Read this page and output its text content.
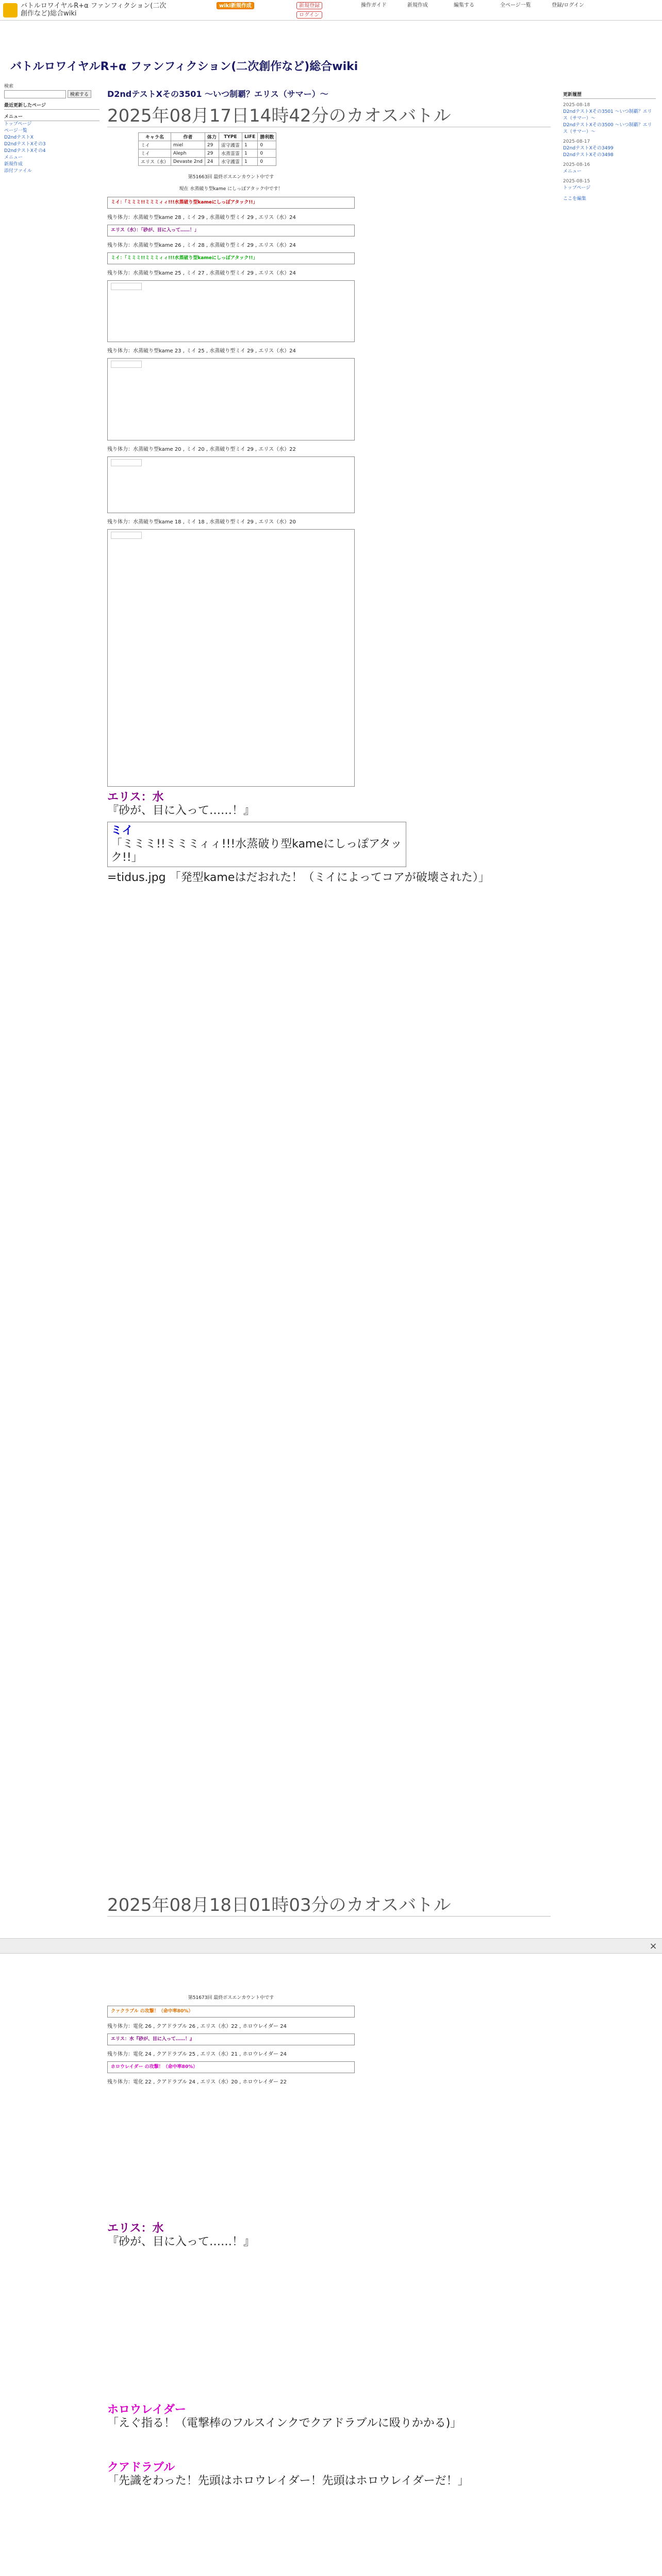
バトルロワイヤルR+α ファンフィクション(二次創作など)総合wiki
wiki新規作成	新規登録
ログイン
操作ガイド	新規作成	編集する	全ページ一覧	登録/ログイン
バトルロワイヤルR+α ファンフィクション(二次創作など)総合wiki
検索
検索する
最近更新したページ
メニュー
トップページ
ページ一覧
D2ndテストX
D2ndテストXその3
D2ndテストXその4
メニュー
新規作成
添付ファイル
D2ndテストXその3501 ～いつ制覇？エリス（サマー）～
2025年08月17日14時42分のカオスバトル
キャラ名	作者	体力	TYPE	LIFE	勝利数
ミイ	miel	29	雷守護霊	1	0
ミイ	Aleph	29	水蒸霊霊	1	0
エリス（水）	Devaste 2nd	24	水守護霊	1	0
第51663回 最終ボスエンカウント中です
現在 水蒸破り型kame にしっぽアタック中です！
ミイ：「ミミミ!!ミミミィィ!!!水蒸破り型kameにしっぽアタック!!」
残り体力：水蒸破り型kame 28 , ミイ 29 , 水蒸破り型ミイ 29 , エリス（水）24
エリス（水）：「砂が、目に入って……！」
残り体力：水蒸破り型kame 26 , ミイ 28 , 水蒸破り型ミイ 29 , エリス（水）24
ミイ：「ミミミ!!ミミミィィ!!!水蒸破り型kameにしっぽアタック!!」
残り体力：水蒸破り型kame 25 , ミイ 27 , 水蒸破り型ミイ 29 , エリス（水）24
残り体力：水蒸破り型kame 23 , ミイ 25 , 水蒸破り型ミイ 29 , エリス（水）24
残り体力：水蒸破り型kame 20 , ミイ 20 , 水蒸破り型ミイ 29 , エリス（水）22
残り体力：水蒸破り型kame 18 , ミイ 18 , 水蒸破り型ミイ 29 , エリス（水）20
エリス：水
『砂が、目に入って……！』
ミイ
「ミミミ!!ミミミィィ!!!水蒸破り型kameにしっぽアタック!!」
=tidus.jpg 「発型kameはだおれた！（ミイによってコアが破壊された）」
×
2025年08月18日01時03分のカオスバトル
第51673回 最終ボスエンカウント中です
クァクラブル の攻撃！（命中率80%）
残り体力：電化 26 , クアドラブル 26 , エリス（水）22 , ホロウレイダー 24
エリス：水『砂が、目に入って……！』
残り体力：電化 24 , クアドラブル 25 , エリス（水）21 , ホロウレイダー 24
ホロウレイダー の攻撃！（命中率80%）
残り体力：電化 22 , クアドラブル 24 , エリス（水）20 , ホロウレイダー 22
エリス：水
『砂が、目に入って……！』
ホロウレイダー
「えぐ指る！（電撃棒のフルスインクでクアドラブルに殴りかかる)」
クアドラブル
「先識をわった！先頭はホロウレイダー！先頭はホロウレイダーだ！」
更新履歴
2025-08-18
D2ndテストXその3501 ～いつ制覇？エリス（サマー）～
D2ndテストXその3500 ～いつ制覇？エリス（サマー）～
2025-08-17
D2ndテストXその3499
D2ndテストXその3498
2025-08-16
メニュー
2025-08-15
トップページ
ここを編集
